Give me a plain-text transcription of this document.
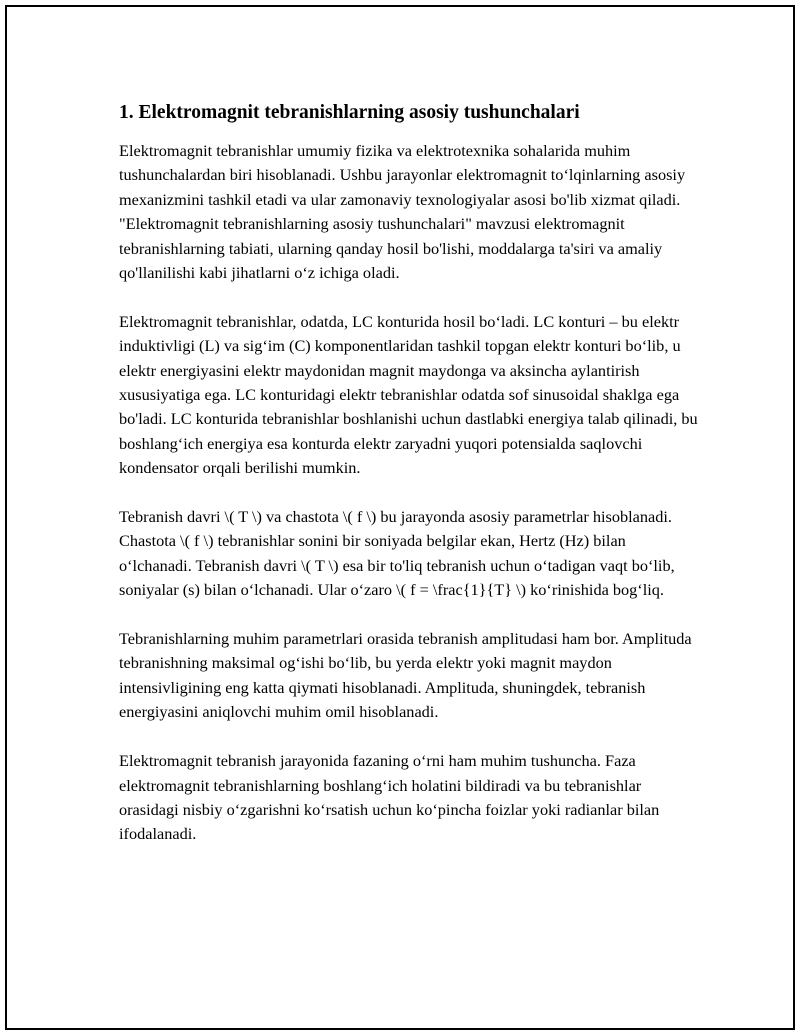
1. Elektromagnit tebranishlarning asosiy tushunchalari

Elektromagnit tebranishlar umumiy fizika va elektrotexnika sohalarida muhim tushunchalardan biri hisoblanadi. Ushbu jarayonlar elektromagnit to‘lqinlarning asosiy mexanizmini tashkil etadi va ular zamonaviy texnologiyalar asosi bo'lib xizmat qiladi. "Elektromagnit tebranishlarning asosiy tushunchalari" mavzusi elektromagnit tebranishlarning tabiati, ularning qanday hosil bo'lishi, moddalarga ta'siri va amaliy qo'llanilishi kabi jihatlarni o‘z ichiga oladi.

Elektromagnit tebranishlar, odatda, LC konturida hosil bo‘ladi. LC konturi – bu elektr induktivligi (L) va sig‘im (C) komponentlaridan tashkil topgan elektr konturi bo‘lib, u elektr energiyasini elektr maydonidan magnit maydonga va aksincha aylantirish xususiyatiga ega. LC konturidagi elektr tebranishlar odatda sof sinusoidal shaklga ega bo'ladi. LC konturida tebranishlar boshlanishi uchun dastlabki energiya talab qilinadi, bu boshlang‘ich energiya esa konturda elektr zaryadni yuqori potensialda saqlovchi kondensator orqali berilishi mumkin.

Tebranish davri \( T \) va chastota \( f \) bu jarayonda asosiy parametrlar hisoblanadi. Chastota \( f \) tebranishlar sonini bir soniyada belgilar ekan, Hertz (Hz) bilan o‘lchanadi. Tebranish davri \( T \) esa bir to'liq tebranish uchun o‘tadigan vaqt bo‘lib, soniyalar (s) bilan o‘lchanadi. Ular o‘zaro \( f = \frac{1}{T} \) ko‘rinishida bog‘liq.

Tebranishlarning muhim parametrlari orasida tebranish amplitudasi ham bor. Amplituda tebranishning maksimal og‘ishi bo‘lib, bu yerda elektr yoki magnit maydon intensivligining eng katta qiymati hisoblanadi. Amplituda, shuningdek, tebranish energiyasini aniqlovchi muhim omil hisoblanadi.

Elektromagnit tebranish jarayonida fazaning o‘rni ham muhim tushuncha. Faza elektromagnit tebranishlarning boshlang‘ich holatini bildiradi va bu tebranishlar orasidagi nisbiy o‘zgarishni ko‘rsatish uchun ko‘pincha foizlar yoki radianlar bilan ifodalanadi.
